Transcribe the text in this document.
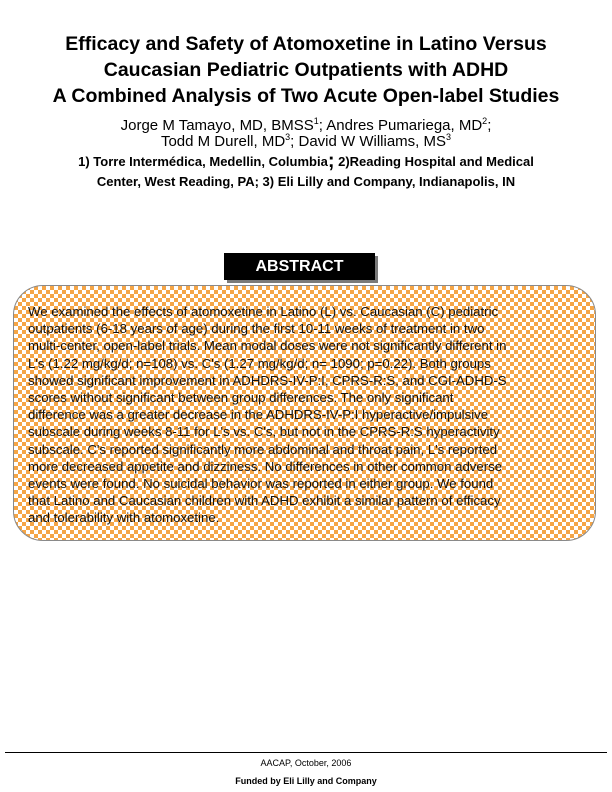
Efficacy and Safety of Atomoxetine in Latino Versus
Caucasian Pediatric Outpatients with ADHD
A Combined Analysis of Two Acute Open-label Studies
Jorge M Tamayo, MD, BMSS$^1$; Andres Pumariega, $MD^2$;
Todd M Durell, $MD^3$; David W Williams, $MS^3$
1) Torre Intermédica, Medellin, Columbia; 2)Reading Hospital and Medical
Center, West Reading, PA; 3) Eli Lilly and Company, Indianapolis, IN
ABSTRACT
We examined the effects of atomoxetine in Latino (L) vs. Caucasian (C) pediatric
outpatients (6-18 years of age) during the first 10-11 weeks of treatment in two
multi-center, open-label trials. Mean modal doses were not significantly different in
L's (1.22 mg/kg/d; n=108) vs. C's (1.27 mg/kg/d; n= 1090; p=0.22). Both groups
showed significant improvement in ADHDRS-IV-P:I, CPRS-R:S, and CGI-ADHD-S
scores without significant between group differences. The only significant
difference was a greater decrease in the ADHDRS-IV-P:I hyperactive/impulsive
subscale during weeks 8-11 for L's vs. C's, but not in the CPRS-R:S hyperactivity
subscale. C's reported significantly more abdominal and throat pain, L's reported
more decreased appetite and dizziness. No differences in other common adverse
events were found. No suicidal behavior was reported in either group. We found
that Latino and Caucasian children with ADHD exhibit a similar pattern of efficacy
and tolerability with atomoxetine.
AACAP, October, 2006
Funded by Eli Lilly and Company
